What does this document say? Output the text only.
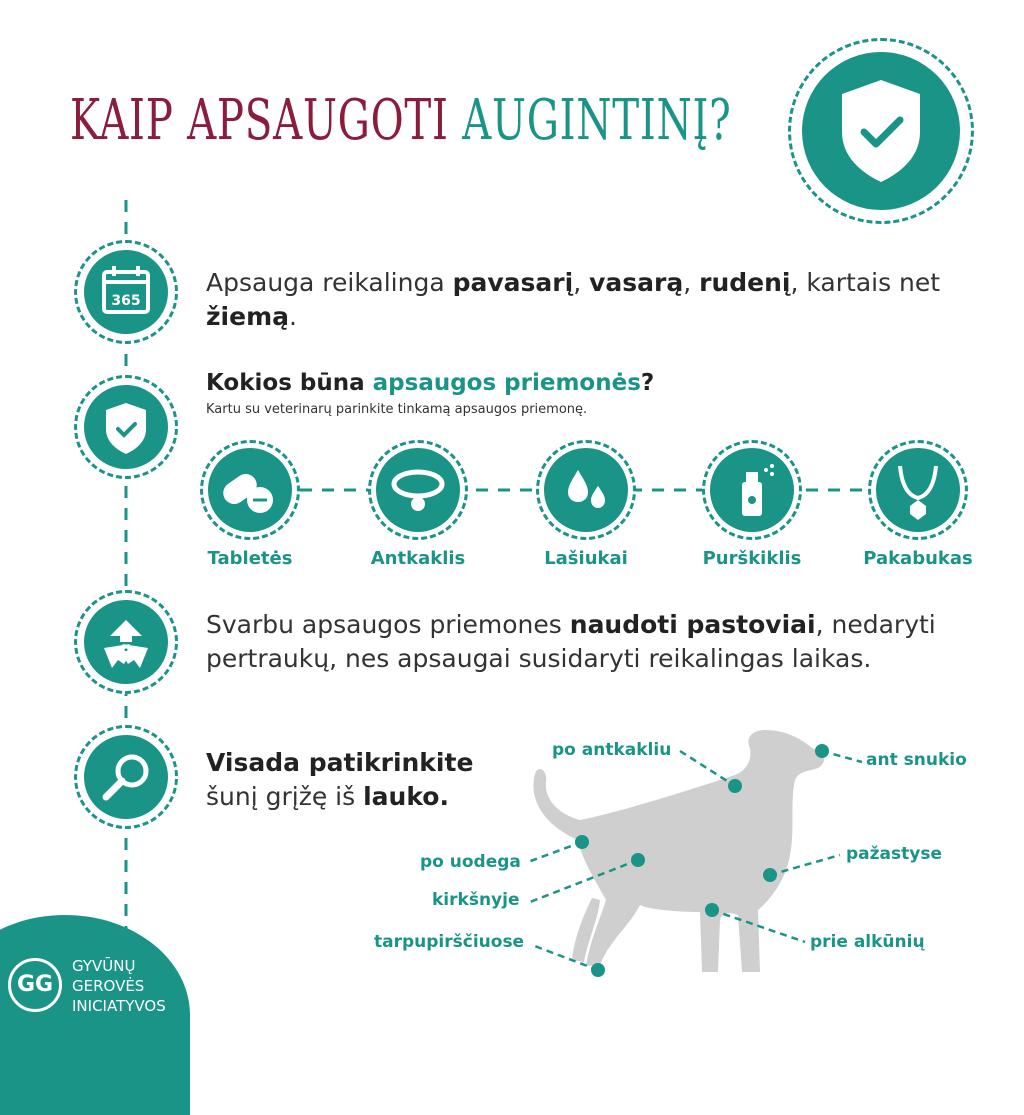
KAIP APSAUGOTI AUGINTINĮ?
365
Apsauga reikalinga pavasarį, vasarą, rudenį, kartais net žiemą.
Kokios būna apsaugos priemonės?
Kartu su veterinarų parinkite tinkamą apsaugos priemonę.
Tabletės	Antkaklis	Lašiukai	Purškiklis	Pakabukas
Svarbu apsaugos priemones naudoti pastoviai, nedaryti pertraukų, nes apsaugai susidaryti reikalingas laikas.
Visada patikrinkite
šunį grįžę iš lauko.
po antkakliu	ant snukio
pažastyse
po uodega
kirkšnyje
tarpupirščiuose	prie alkūnių
GG
GYVŪNŲ
GEROVĖS
INICIATYVOS
